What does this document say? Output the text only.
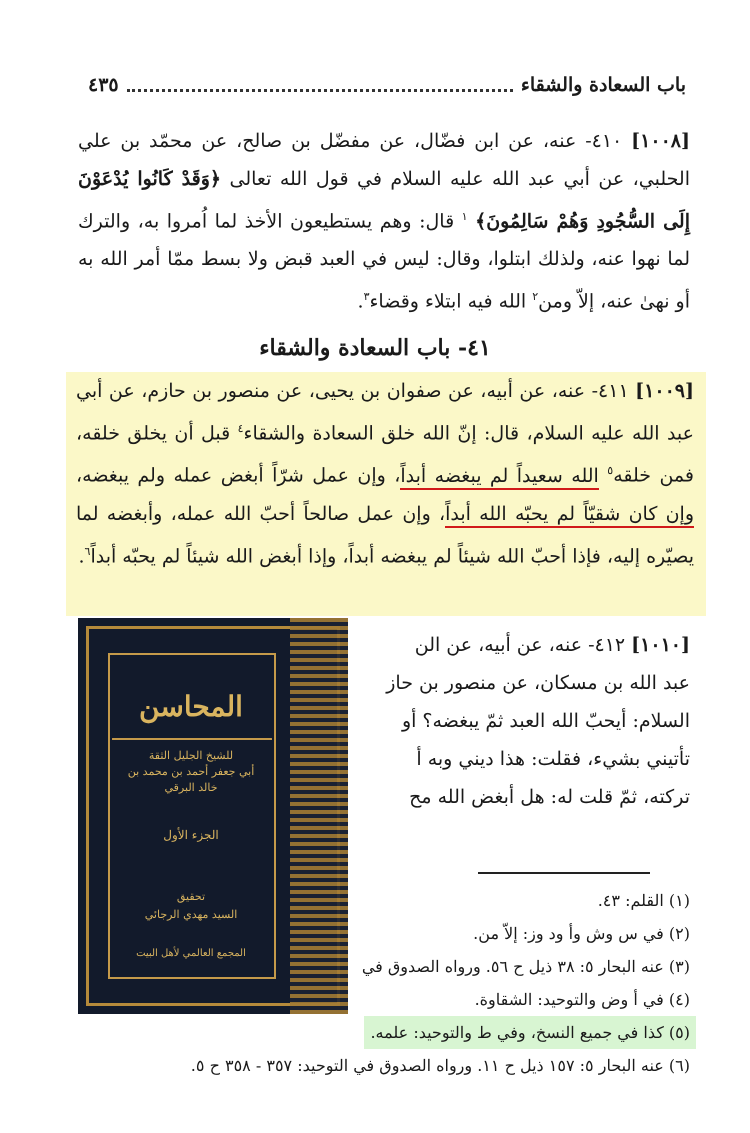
باب السعادة والشقاء
٤٣٥
[١٠٠٨] ٤١٠- عنه، عن ابن فضّال، عن مفضّل بن صالح، عن محمّد بن علي الحلبي، عن أبي عبد الله عليه السلام في قول الله تعالى ﴿وَقَدْ كَانُوا يُدْعَوْنَ إِلَى السُّجُودِ وَهُمْ سَالِمُونَ﴾ $^١$ قال: وهم يستطيعون الأخذ لما اُمروا به، والترك لما نهوا عنه، ولذلك ابتلوا، وقال: ليس في العبد قبض ولا بسط ممّا أمر الله به أو نهىٰ عنه، إلاّ ومن$^٢$ الله فيه ابتلاء وقضاء$^٣$.
٤١- باب السعادة والشقاء
[١٠٠٩] ٤١١- عنه، عن أبيه، عن صفوان بن يحيى، عن منصور بن حازم، عن أبي عبد الله عليه السلام، قال: إنّ الله خلق السعادة والشقاء$^٤$ قبل أن يخلق خلقه، فمن خلقه$^٥$ الله سعيداً لم يبغضه أبداً، وإن عمل شرّاً أبغض عمله ولم يبغضه، وإن كان شقيّاً لم يحبّه الله أبداً، وإن عمل صالحاً أحبّ الله عمله، وأبغضه لما يصيّره إليه، فإذا أحبّ الله شيئاً لم يبغضه أبداً، وإذا أبغض الله شيئاً لم يحبّه أبداً$^٦$.
[١٠١٠] ٤١٢- عنه، عن أبيه، عن الن
عبد الله بن مسكان، عن منصور بن حاز
السلام: أيحبّ الله العبد ثمّ يبغضه؟ أو
تأتيني بشيء، فقلت: هذا ديني وبه أ
تركته، ثمّ قلت له: هل أبغض الله مح
المحاسن
للشيخ الجليل الثقة
أبي جعفر أحمد بن محمد بن خالد البرقي
الجزء الأول
تحقيق
السيد مهدي الرجائي
المجمع العالمي لأهل البيت
(١) القلم: ٤٣.
(٢) في س وش وأ ود وز: إلاّ من.
(٣) عنه البحار ٥: ٣٨ ذيل ح ٥٦. ورواه الصدوق في
(٤) في أ وض والتوحيد: الشقاوة.
(٥) كذا في جميع النسخ، وفي ط والتوحيد: علمه.
(٦) عنه البحار ٥: ١٥٧ ذيل ح ١١. ورواه الصدوق في التوحيد: ٣٥٧ - ٣٥٨ ح ٥.
